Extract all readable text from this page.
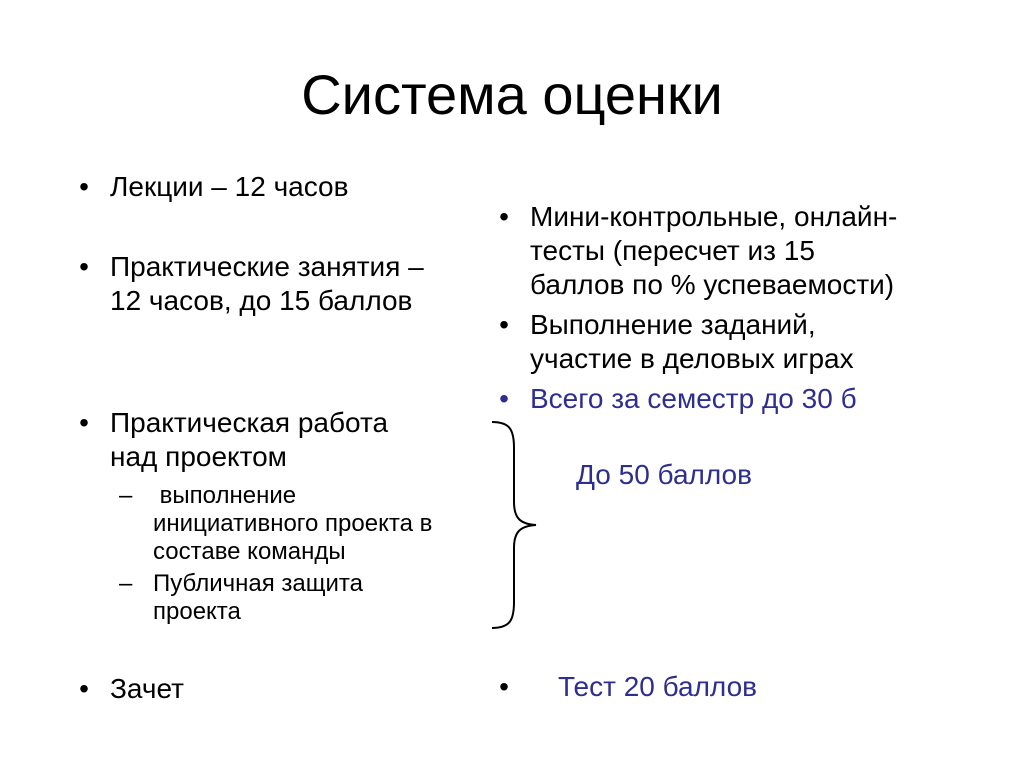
Система оценки
• Лекции – 12 часов
• Практические занятия –
12 часов, до 15 баллов
• Практическая работа
над проектом
– выполнение
инициативного проекта в
составе команды
– Публичная защита
проекта
• Зачет
• Мини-контрольные, онлайн-
тесты (пересчет из 15
баллов по % успеваемости)
• Выполнение заданий,
участие в деловых играх
• Всего за семестр до 30 б
До 50 баллов
•	Тест 20 баллов
